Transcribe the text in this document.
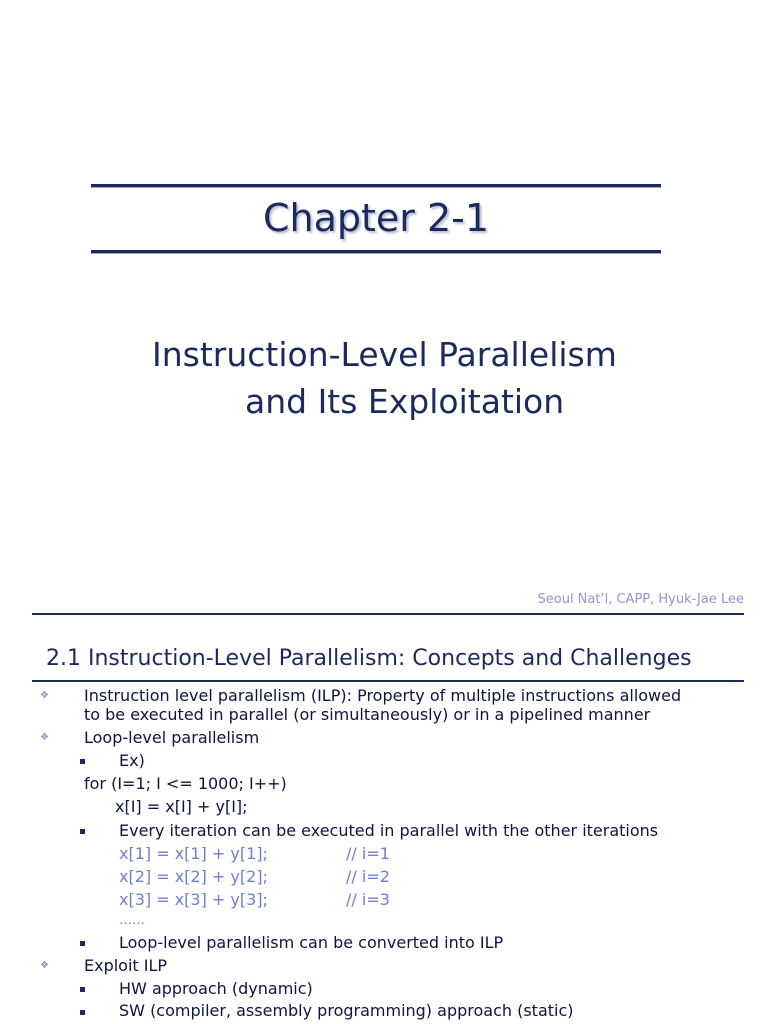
Chapter 2-1
Instruction-Level Parallelism
and Its Exploitation
Seoul Nat’l, CAPP, Hyuk-Jae Lee
2.1 Instruction-Level Parallelism: Concepts and Challenges
❖ Instruction level parallelism (ILP): Property of multiple instructions allowed
to be executed in parallel (or simultaneously) or in a pipelined manner
❖ Loop-level parallelism
Ex)
for (I=1; I <= 1000; I++)
x[I] = x[I] + y[I];
Every iteration can be executed in parallel with the other iterations
x[1] = x[1] + y[1];	// i=1
x[2] = x[2] + y[2];	// i=2
x[3] = x[3] + y[3];	// i=3
……
Loop-level parallelism can be converted into ILP
❖ Exploit ILP
HW approach (dynamic)
SW (compiler, assembly programming) approach (static)
